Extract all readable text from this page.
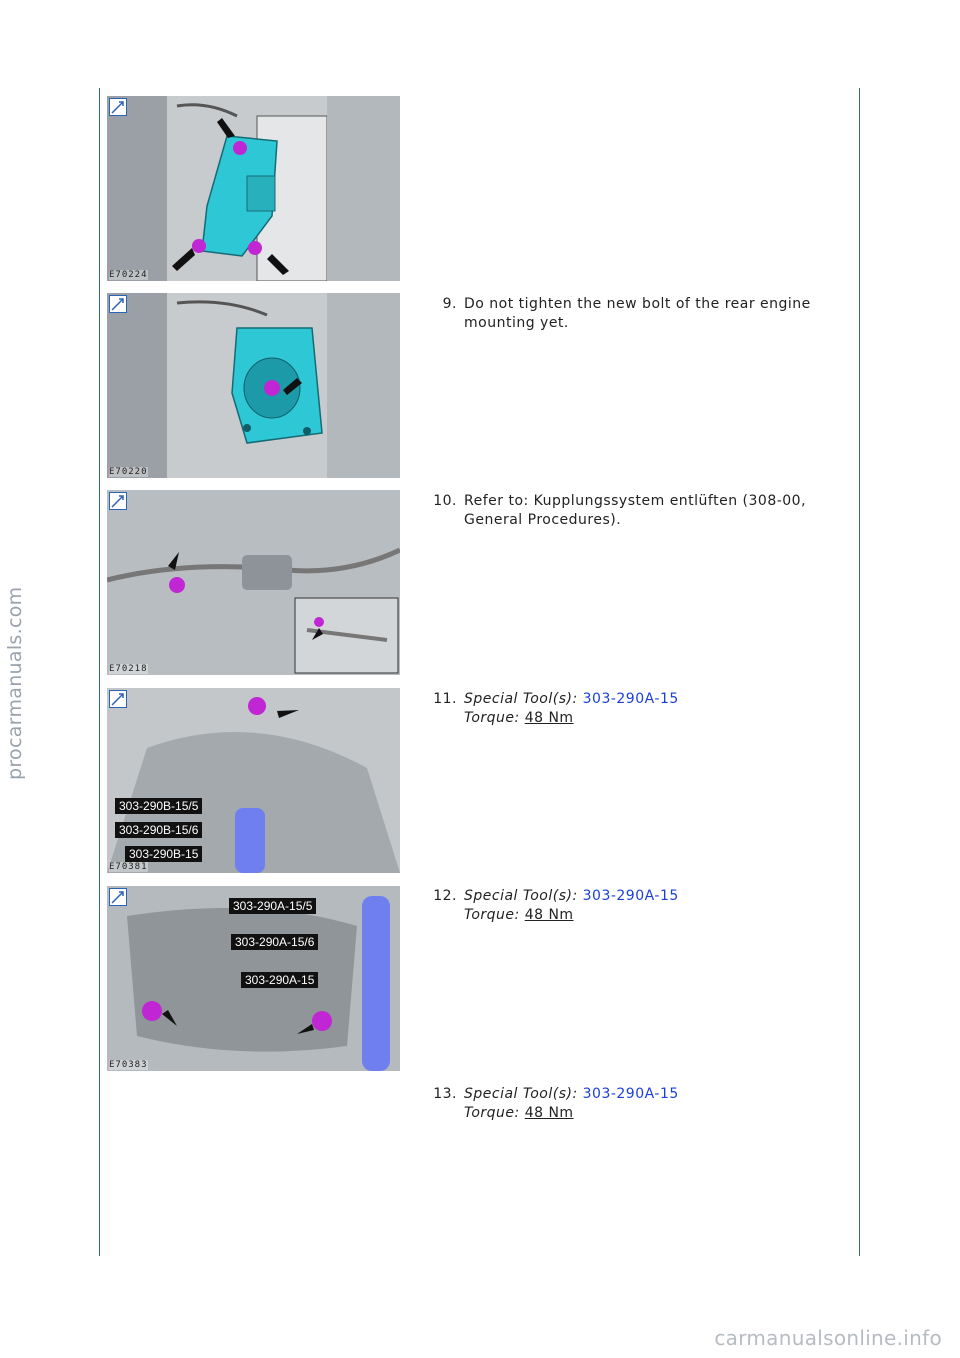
procarmanuals.com
carmanualsonline.info
E70224
E70220
E70218
303-290B-15/5
303-290B-15/6
303-290B-15
E70381
303-290A-15/5
303-290A-15/6
303-290A-15
E70383
9. Do not tighten the new bolt of the rear engine mounting yet.
10. Refer to: Kupplungssystem entlüften (308-00, General Procedures).
11. Special Tool(s): 303-290A-15
Torque: 48 Nm
12. Special Tool(s): 303-290A-15
Torque: 48 Nm
13. Special Tool(s): 303-290A-15
Torque: 48 Nm
